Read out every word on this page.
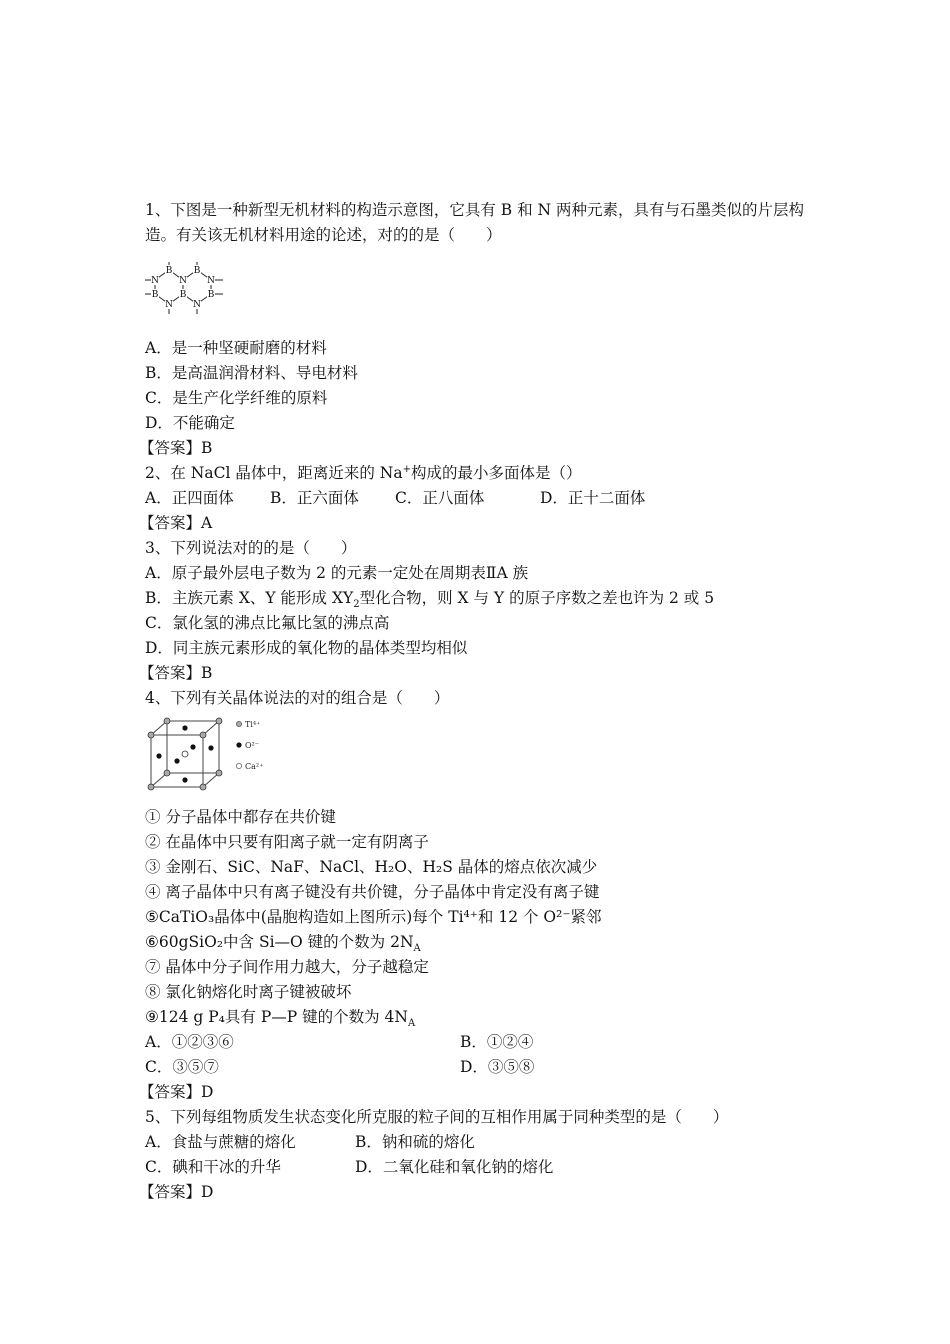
1、下图是一种新型无机材料的构造示意图，它具有 B 和 N 两种元素，具有与石墨类似的片层构造。有关该无机材料用途的论述，对的的是（　　）
B B
N N N
B B B
N N
A．是一种坚硬耐磨的材料
B．是高温润滑材料、导电材料
C．是生产化学纤维的原料
D．不能确定
【答案】B
2、在 NaCl 晶体中，距离近来的 Na+构成的最小多面体是（）
A．正四面体	B．正六面体	C．正八面体	D．正十二面体
【答案】A
3、下列说法对的的是（　　）
A．原子最外层电子数为 2 的元素一定处在周期表ⅡA 族
B．主族元素 X、Y 能形成 $XY_2$型化合物，则 X 与 Y 的原子序数之差也许为 2 或 5
C．氯化氢的沸点比氟比氢的沸点高
D．同主族元素形成的氧化物的晶体类型均相似
【答案】B
4、下列有关晶体说法的对的组合是（　　）
Ti⁴⁺
O²⁻
Ca²⁺
① 分子晶体中都存在共价键
② 在晶体中只要有阳离子就一定有阴离子
③ 金刚石、SiC、NaF、NaCl、H₂O、H₂S 晶体的熔点依次减少
④ 离子晶体中只有离子键没有共价键，分子晶体中肯定没有离子键
⑤CaTiO₃晶体中(晶胞构造如上图所示)每个 Ti⁴⁺和 12 个 O²⁻紧邻
⑥60gSiO₂中含 Si—O 键的个数为 $2N_A$
⑦ 晶体中分子间作用力越大，分子越稳定
⑧ 氯化钠熔化时离子键被破坏
⑨124 g P₄具有 P—P 键的个数为 $4N_A$
A．①②③⑥	B．①②④
C．③⑤⑦	D．③⑤⑧
【答案】D
5、下列每组物质发生状态变化所克服的粒子间的互相作用属于同种类型的是（　　）
A．食盐与蔗糖的熔化	B．钠和硫的熔化
C．碘和干冰的升华	D．二氧化硅和氧化钠的熔化
【答案】D
